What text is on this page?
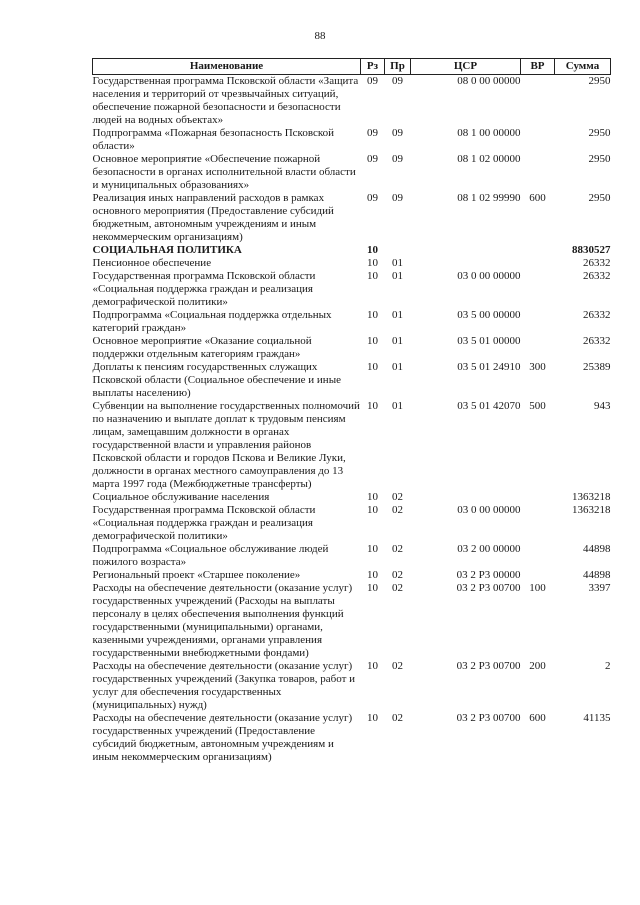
88
Наименование	Рз	Пр	ЦСР	ВР	Сумма
Государственная программа Псковской области «Защита населения и территорий от чрезвычайных ситуаций, обеспечение пожарной безопасности и безопасности людей на водных объектах»	09	09	08 0 00 00000		2950
Подпрограмма «Пожарная безопасность Псковской области»	09	09	08 1 00 00000		2950
Основное мероприятие «Обеспечение пожарной безопасности в органах исполнительной власти области и муниципальных образованиях»	09	09	08 1 02 00000		2950
Реализация иных направлений расходов в рамках основного мероприятия (Предоставление субсидий бюджетным, автономным учреждениям и иным некоммерческим организациям)	09	09	08 1 02 99990	600	2950
СОЦИАЛЬНАЯ ПОЛИТИКА	10				8830527
Пенсионное обеспечение	10	01			26332
Государственная программа Псковской области «Социальная поддержка граждан и реализация демографической политики»	10	01	03 0 00 00000		26332
Подпрограмма «Социальная поддержка отдельных категорий граждан»	10	01	03 5 00 00000		26332
Основное мероприятие «Оказание социальной поддержки отдельным категориям граждан»	10	01	03 5 01 00000		26332
Доплаты к пенсиям государственных служащих Псковской области (Социальное обеспечение и иные выплаты населению)	10	01	03 5 01 24910	300	25389
Субвенции на выполнение государственных полномочий по назначению и выплате доплат к трудовым пенсиям лицам, замещавшим должности в органах государственной власти и управления районов Псковской области и городов Пскова и Великие Луки, должности в органах местного самоуправления до 13 марта 1997 года (Межбюджетные трансферты)	10	01	03 5 01 42070	500	943
Социальное обслуживание населения	10	02			1363218
Государственная программа Псковской области «Социальная поддержка граждан и реализация демографической политики»	10	02	03 0 00 00000		1363218
Подпрограмма «Социальное обслуживание людей пожилого возраста»	10	02	03 2 00 00000		44898
Региональный проект «Старшее поколение»	10	02	03 2 Р3 00000		44898
Расходы на обеспечение деятельности (оказание услуг) государственных учреждений (Расходы на выплаты персоналу в целях обеспечения выполнения функций государственными (муниципальными) органами, казенными учреждениями, органами управления государственными внебюджетными фондами)	10	02	03 2 Р3 00700	100	3397
Расходы на обеспечение деятельности (оказание услуг) государственных учреждений (Закупка товаров, работ и услуг для обеспечения государственных (муниципальных) нужд)	10	02	03 2 Р3 00700	200	2
Расходы на обеспечение деятельности (оказание услуг) государственных учреждений (Предоставление субсидий бюджетным, автономным учреждениям и иным некоммерческим организациям)	10	02	03 2 Р3 00700	600	41135
